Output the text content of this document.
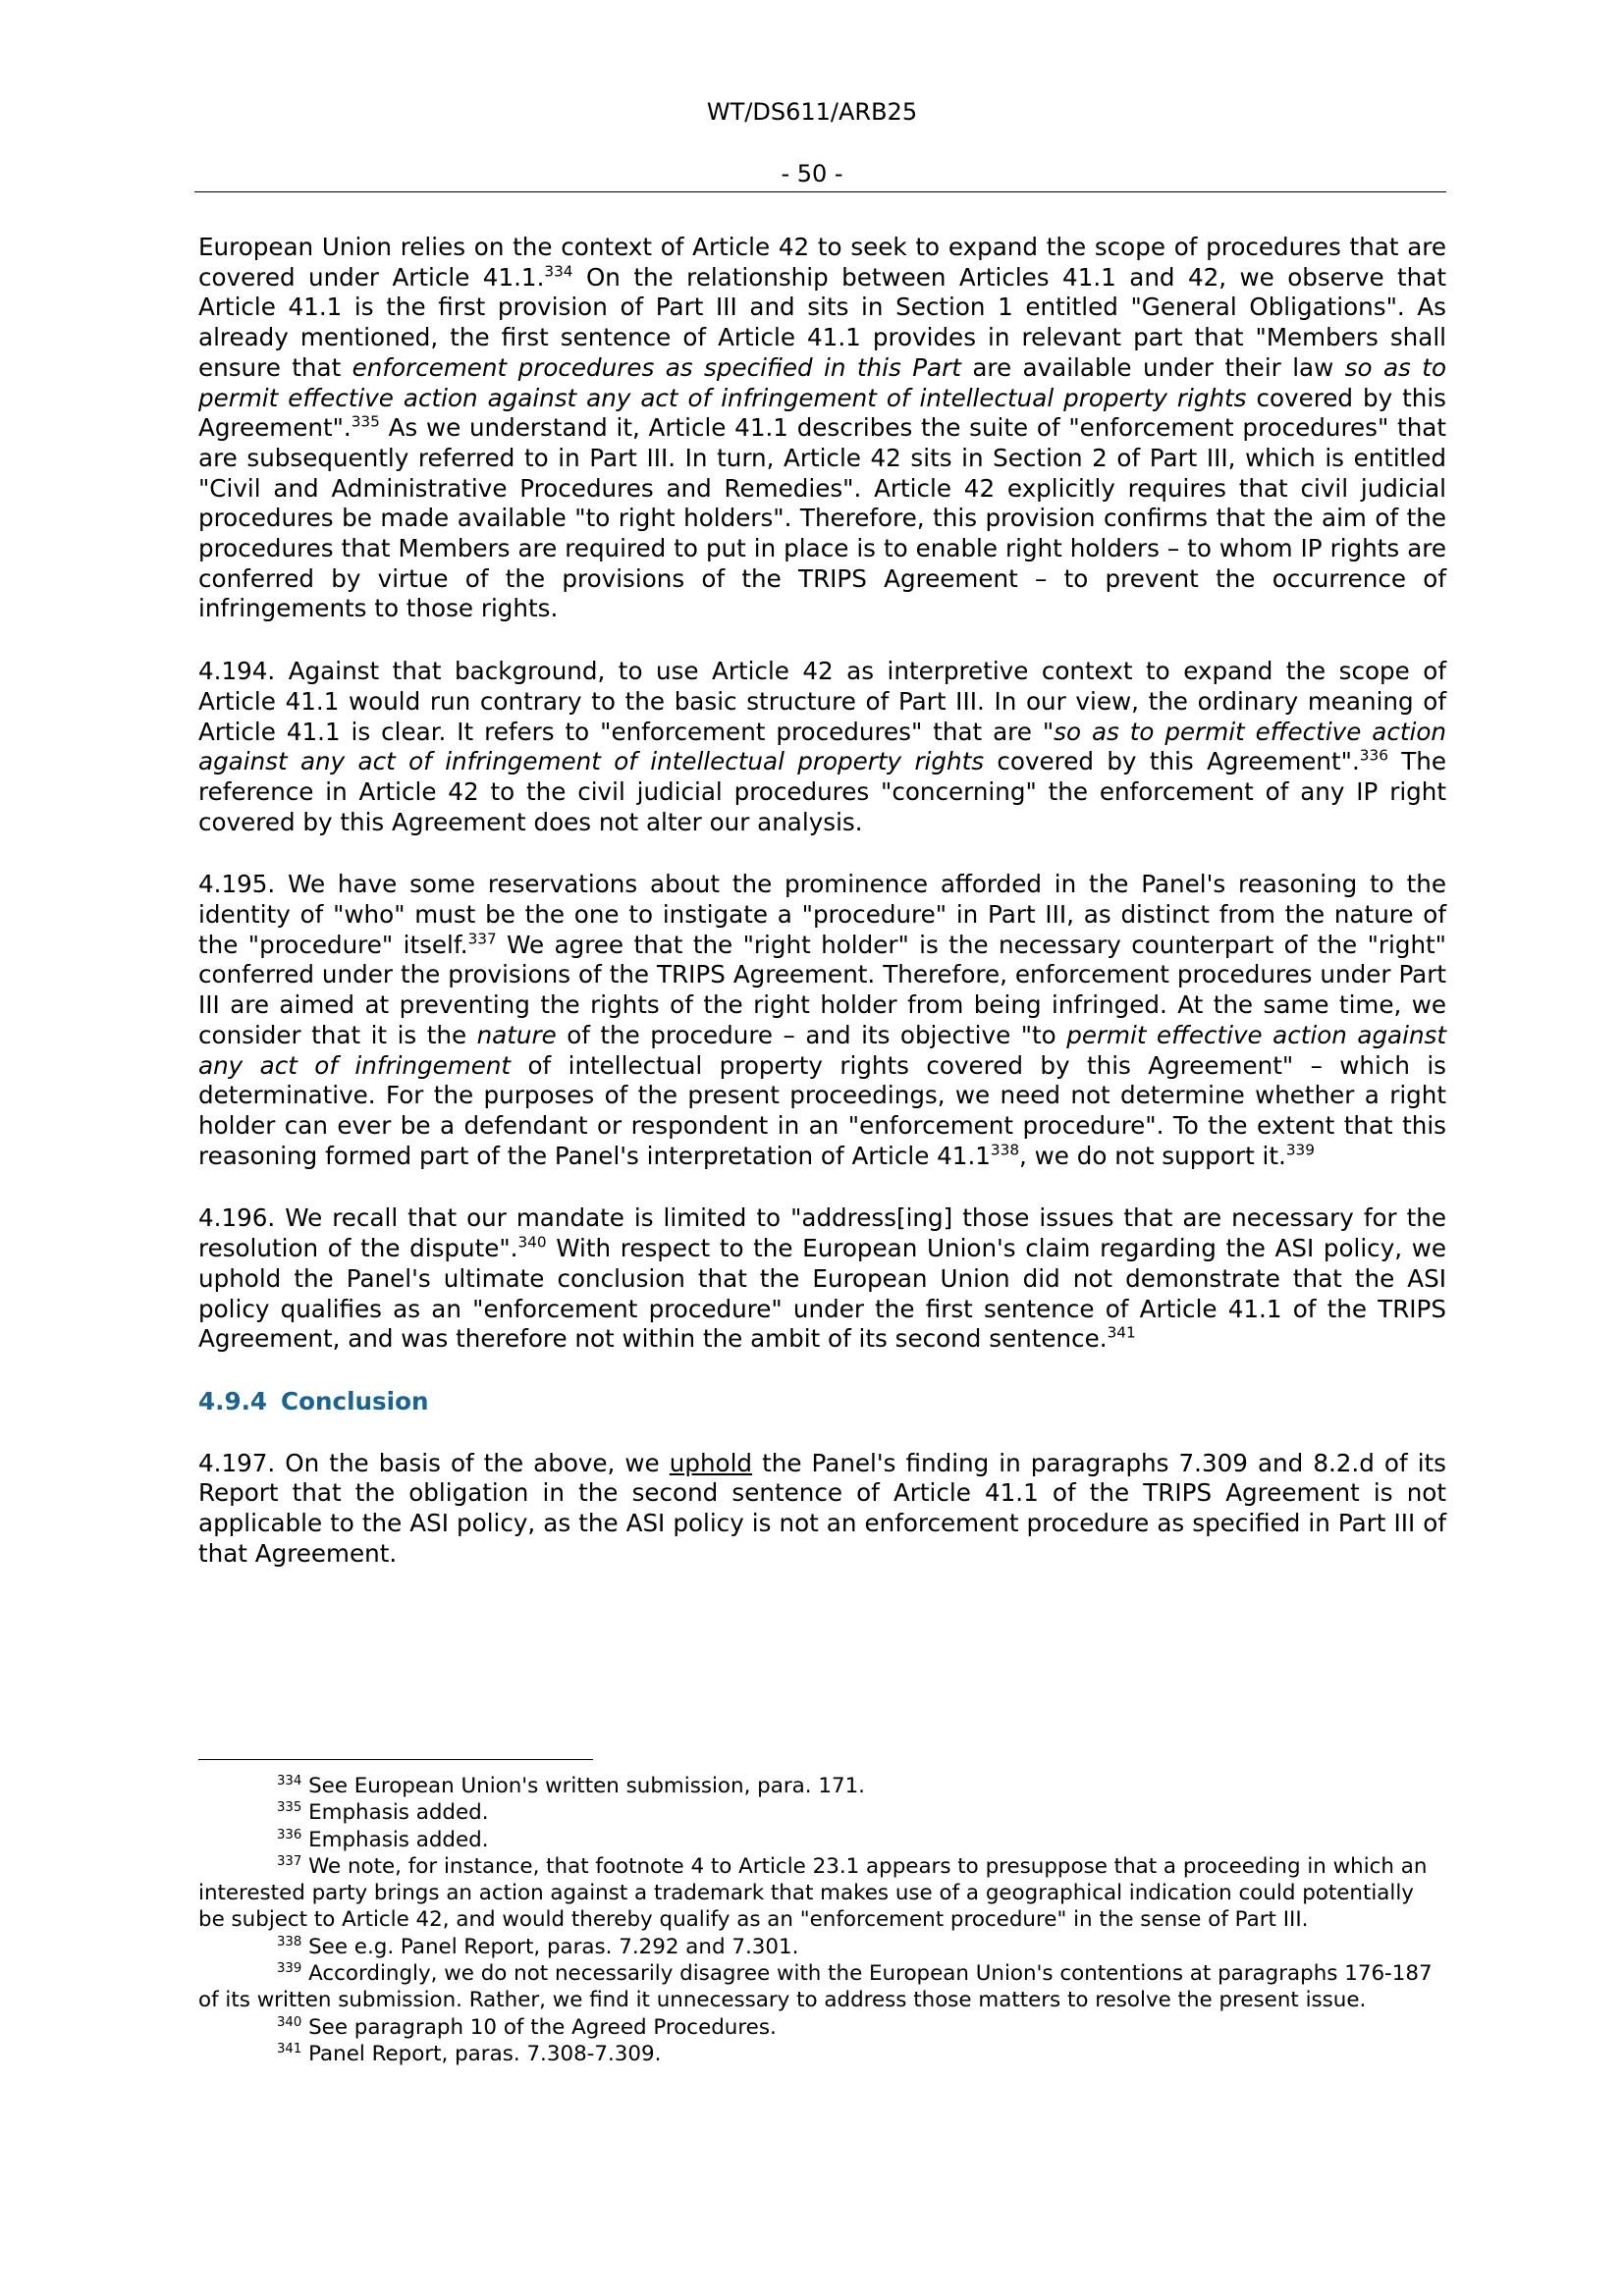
WT/DS611/ARB25
- 50 -

European Union relies on the context of Article 42 to seek to expand the scope of procedures that are covered under Article 41.1.$^{334}$ On the relationship between Articles 41.1 and 42, we observe that Article 41.1 is the first provision of Part III and sits in Section 1 entitled "General Obligations". As already mentioned, the first sentence of Article 41.1 provides in relevant part that "Members shall ensure that enforcement procedures as specified in this Part are available under their law so as to permit effective action against any act of infringement of intellectual property rights covered by this Agreement".$^{335}$ As we understand it, Article 41.1 describes the suite of "enforcement procedures" that are subsequently referred to in Part III. In turn, Article 42 sits in Section 2 of Part III, which is entitled "Civil and Administrative Procedures and Remedies". Article 42 explicitly requires that civil judicial procedures be made available "to right holders". Therefore, this provision confirms that the aim of the procedures that Members are required to put in place is to enable right holders – to whom IP rights are conferred by virtue of the provisions of the TRIPS Agreement – to prevent the occurrence of infringements to those rights.

4.194. Against that background, to use Article 42 as interpretive context to expand the scope of Article 41.1 would run contrary to the basic structure of Part III. In our view, the ordinary meaning of Article 41.1 is clear. It refers to "enforcement procedures" that are "so as to permit effective action against any act of infringement of intellectual property rights covered by this Agreement".$^{336}$ The reference in Article 42 to the civil judicial procedures "concerning" the enforcement of any IP right covered by this Agreement does not alter our analysis.

4.195. We have some reservations about the prominence afforded in the Panel's reasoning to the identity of "who" must be the one to instigate a "procedure" in Part III, as distinct from the nature of the "procedure" itself.$^{337}$ We agree that the "right holder" is the necessary counterpart of the "right" conferred under the provisions of the TRIPS Agreement. Therefore, enforcement procedures under Part III are aimed at preventing the rights of the right holder from being infringed. At the same time, we consider that it is the nature of the procedure – and its objective "to permit effective action against any act of infringement of intellectual property rights covered by this Agreement" – which is determinative. For the purposes of the present proceedings, we need not determine whether a right holder can ever be a defendant or respondent in an "enforcement procedure". To the extent that this reasoning formed part of the Panel's interpretation of Article 41.1$^{338}$, we do not support it.$^{339}$

4.196. We recall that our mandate is limited to "address[ing] those issues that are necessary for the resolution of the dispute".$^{340}$ With respect to the European Union's claim regarding the ASI policy, we uphold the Panel's ultimate conclusion that the European Union did not demonstrate that the ASI policy qualifies as an "enforcement procedure" under the first sentence of Article 41.1 of the TRIPS Agreement, and was therefore not within the ambit of its second sentence.$^{341}$

4.9.4 Conclusion

4.197. On the basis of the above, we uphold the Panel's finding in paragraphs 7.309 and 8.2.d of its Report that the obligation in the second sentence of Article 41.1 of the TRIPS Agreement is not applicable to the ASI policy, as the ASI policy is not an enforcement procedure as specified in Part III of that Agreement.

$^{334}$ See European Union's written submission, para. 171.

$^{335}$ Emphasis added.

$^{336}$ Emphasis added.

$^{337}$ We note, for instance, that footnote 4 to Article 23.1 appears to presuppose that a proceeding in which an interested party brings an action against a trademark that makes use of a geographical indication could potentially be subject to Article 42, and would thereby qualify as an "enforcement procedure" in the sense of Part III.

$^{338}$ See e.g. Panel Report, paras. 7.292 and 7.301.

$^{339}$ Accordingly, we do not necessarily disagree with the European Union's contentions at paragraphs 176-187 of its written submission. Rather, we find it unnecessary to address those matters to resolve the present issue.

$^{340}$ See paragraph 10 of the Agreed Procedures.

$^{341}$ Panel Report, paras. 7.308-7.309.
